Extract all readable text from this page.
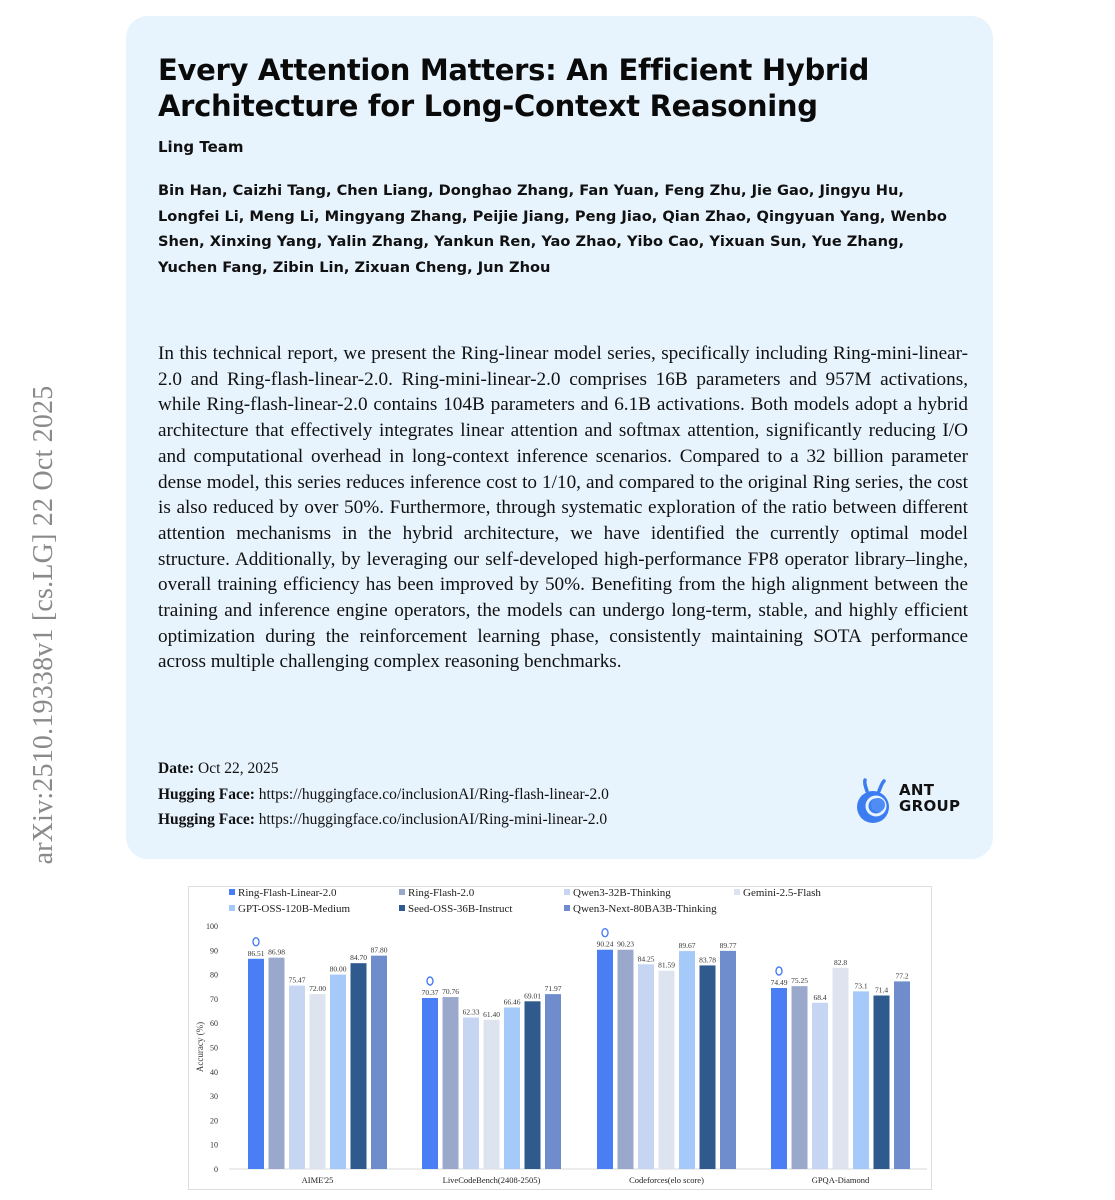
arXiv:2510.19338v1 [cs.LG] 22 Oct 2025
Every Attention Matters: An Efficient Hybrid Architecture for Long-Context Reasoning
Ling Team
Bin Han, Caizhi Tang, Chen Liang, Donghao Zhang, Fan Yuan, Feng Zhu, Jie Gao, Jingyu Hu, Longfei Li, Meng Li, Mingyang Zhang, Peijie Jiang, Peng Jiao, Qian Zhao, Qingyuan Yang, Wenbo Shen, Xinxing Yang, Yalin Zhang, Yankun Ren, Yao Zhao, Yibo Cao, Yixuan Sun, Yue Zhang, Yuchen Fang, Zibin Lin, Zixuan Cheng, Jun Zhou
In this technical report, we present the Ring-linear model series, specifically including Ring-mini-linear-2.0 and Ring-flash-linear-2.0. Ring-mini-linear-2.0 comprises 16B parameters and 957M activations, while Ring-flash-linear-2.0 contains 104B parameters and 6.1B activations. Both models adopt a hybrid architecture that effectively integrates linear attention and softmax attention, significantly reducing I/O and computational overhead in long-context inference scenarios. Compared to a 32 billion parameter dense model, this series reduces inference cost to 1/10, and compared to the original Ring series, the cost is also reduced by over 50%. Furthermore, through systematic exploration of the ratio between different attention mechanisms in the hybrid architecture, we have identified the currently optimal model structure. Additionally, by leveraging our self-developed high-performance FP8 operator library–linghe, overall training efficiency has been improved by 50%. Benefiting from the high alignment between the training and inference engine operators, the models can undergo long-term, stable, and highly efficient optimization during the reinforcement learning phase, consistently maintaining SOTA performance across multiple challenging complex reasoning benchmarks.
Date: Oct 22, 2025
Hugging Face: https://huggingface.co/inclusionAI/Ring-flash-linear-2.0
Hugging Face: https://huggingface.co/inclusionAI/Ring-mini-linear-2.0
ANT
GROUP
0
10
20
30
40
50
60
70
80
90
100
Accuracy (%)
Ring-Flash-Linear-2.0	Ring-Flash-2.0	Qwen3-32B-Thinking	Gemini-2.5-Flash
GPT-OSS-120B-Medium	Seed-OSS-36B-Instruct	Qwen3-Next-80BA3B-Thinking
86.51 86.98
75.47
72.00
80.00
84.70
87.80
AIME'25
70.37 70.76
62.33 61.40
66.46
69.01
71.97
LiveCodeBench(2408-2505)
90.24 90.23
84.25
81.59
89.67
83.78
89.77
Codeforces(elo score)
74.49 75.25
68.4
82.8
73.1 71.4
77.2
GPQA-Diamond
